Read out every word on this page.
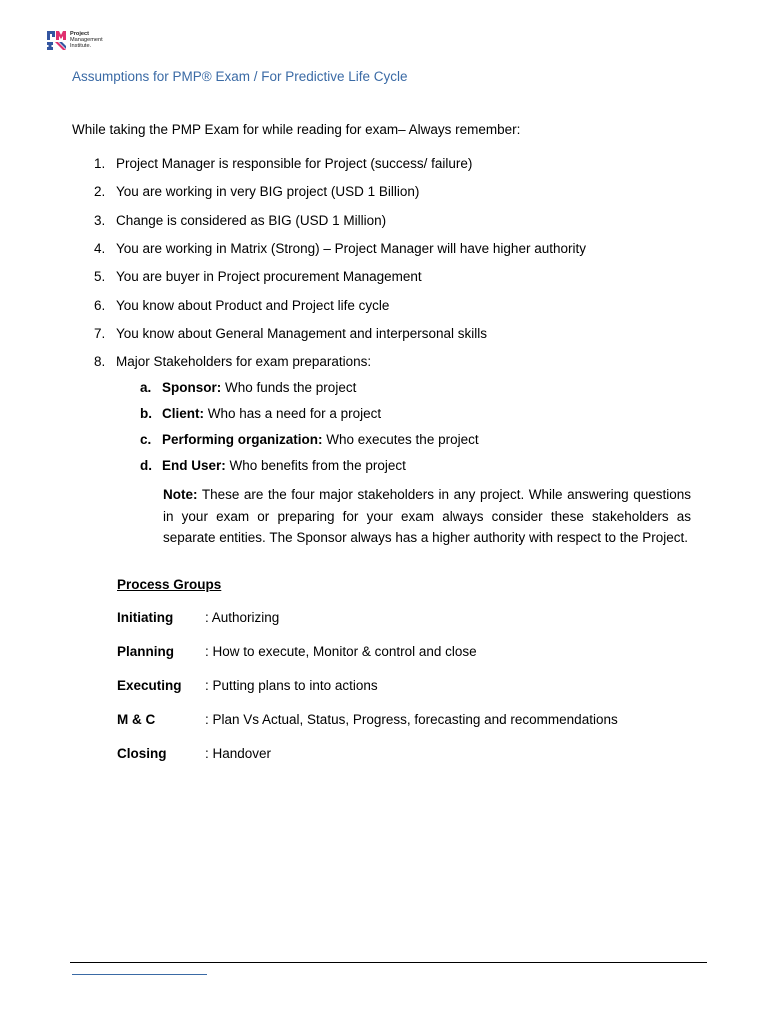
Project
Management
Institute.
Assumptions for PMP® Exam / For Predictive Life Cycle
While taking the PMP Exam for while reading for exam– Always remember:
1. Project Manager is responsible for Project (success/ failure)
2. You are working in very BIG project (USD 1 Billion)
3. Change is considered as BIG (USD 1 Million)
4. You are working in Matrix (Strong) – Project Manager will have higher authority
5. You are buyer in Project procurement Management
6. You know about Product and Project life cycle
7. You know about General Management and interpersonal skills
8. Major Stakeholders for exam preparations:
a. Sponsor: Who funds the project
b. Client: Who has a need for a project
c. Performing organization: Who executes the project
d. End User: Who benefits from the project
Note: These are the four major stakeholders in any project. While answering questions in your exam or preparing for your exam always consider these stakeholders as separate entities. The Sponsor always has a higher authority with respect to the Project.
Process Groups
Initiating : Authorizing
Planning : How to execute, Monitor & control and close
Executing : Putting plans to into actions
M & C	: Plan Vs Actual, Status, Progress, forecasting and recommendations
Closing	: Handover
